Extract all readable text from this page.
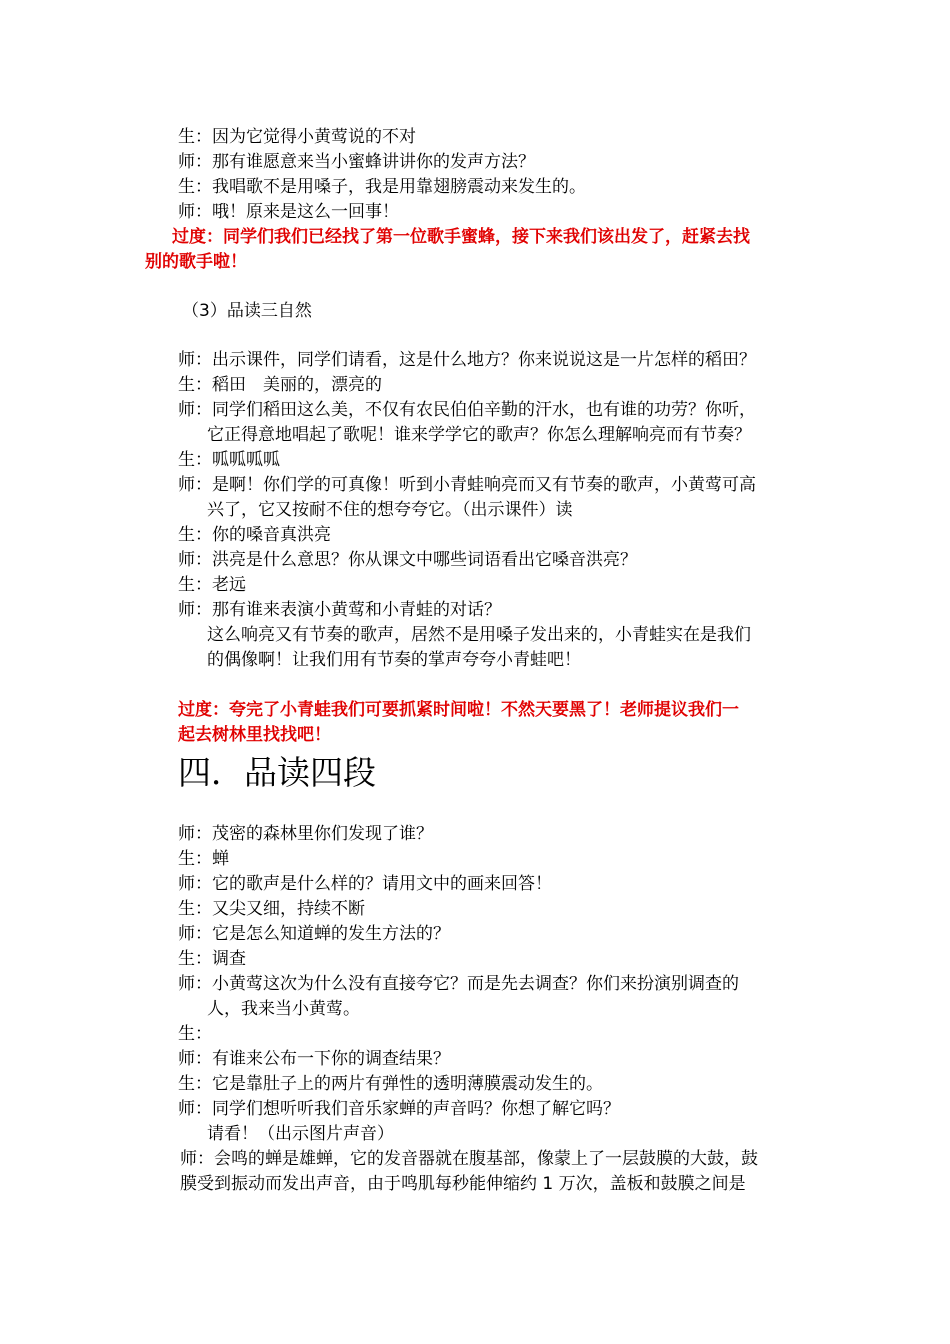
生：因为它觉得小黄莺说的不对
师：那有谁愿意来当小蜜蜂讲讲你的发声方法？
生：我唱歌不是用嗓子，我是用靠翅膀震动来发生的。
师：哦！原来是这么一回事！
过度：同学们我们已经找了第一位歌手蜜蜂，接下来我们该出发了，赶紧去找
别的歌手啦！
（3）品读三自然
师：出示课件，同学们请看，这是什么地方？你来说说这是一片怎样的稻田？
生：稻田　美丽的，漂亮的
师：同学们稻田这么美，不仅有农民伯伯辛勤的汗水，也有谁的功劳？你听，
它正得意地唱起了歌呢！谁来学学它的歌声？你怎么理解响亮而有节奏？
生：呱呱呱呱
师：是啊！你们学的可真像！听到小青蛙响亮而又有节奏的歌声，小黄莺可高
兴了，它又按耐不住的想夸夸它。（出示课件）读
生：你的嗓音真洪亮
师：洪亮是什么意思？你从课文中哪些词语看出它嗓音洪亮？
生：老远
师：那有谁来表演小黄莺和小青蛙的对话？
这么响亮又有节奏的歌声，居然不是用嗓子发出来的，小青蛙实在是我们
的偶像啊！让我们用有节奏的掌声夸夸小青蛙吧！
过度：夸完了小青蛙我们可要抓紧时间啦！不然天要黑了！老师提议我们一
起去树林里找找吧！
四．品读四段
师：茂密的森林里你们发现了谁？
生：蝉
师：它的歌声是什么样的？请用文中的画来回答！
生：又尖又细，持续不断
师：它是怎么知道蝉的发生方法的？
生：调查
师：小黄莺这次为什么没有直接夸它？而是先去调查？你们来扮演别调查的
人，我来当小黄莺。
生：
师：有谁来公布一下你的调查结果？
生：它是靠肚子上的两片有弹性的透明薄膜震动发生的。
师：同学们想听听我们音乐家蝉的声音吗？你想了解它吗？
请看！（出示图片声音）
师：会鸣的蝉是雄蝉，它的发音器就在腹基部，像蒙上了一层鼓膜的大鼓，鼓
膜受到振动而发出声音，由于鸣肌每秒能伸缩约 1 万次，盖板和鼓膜之间是
